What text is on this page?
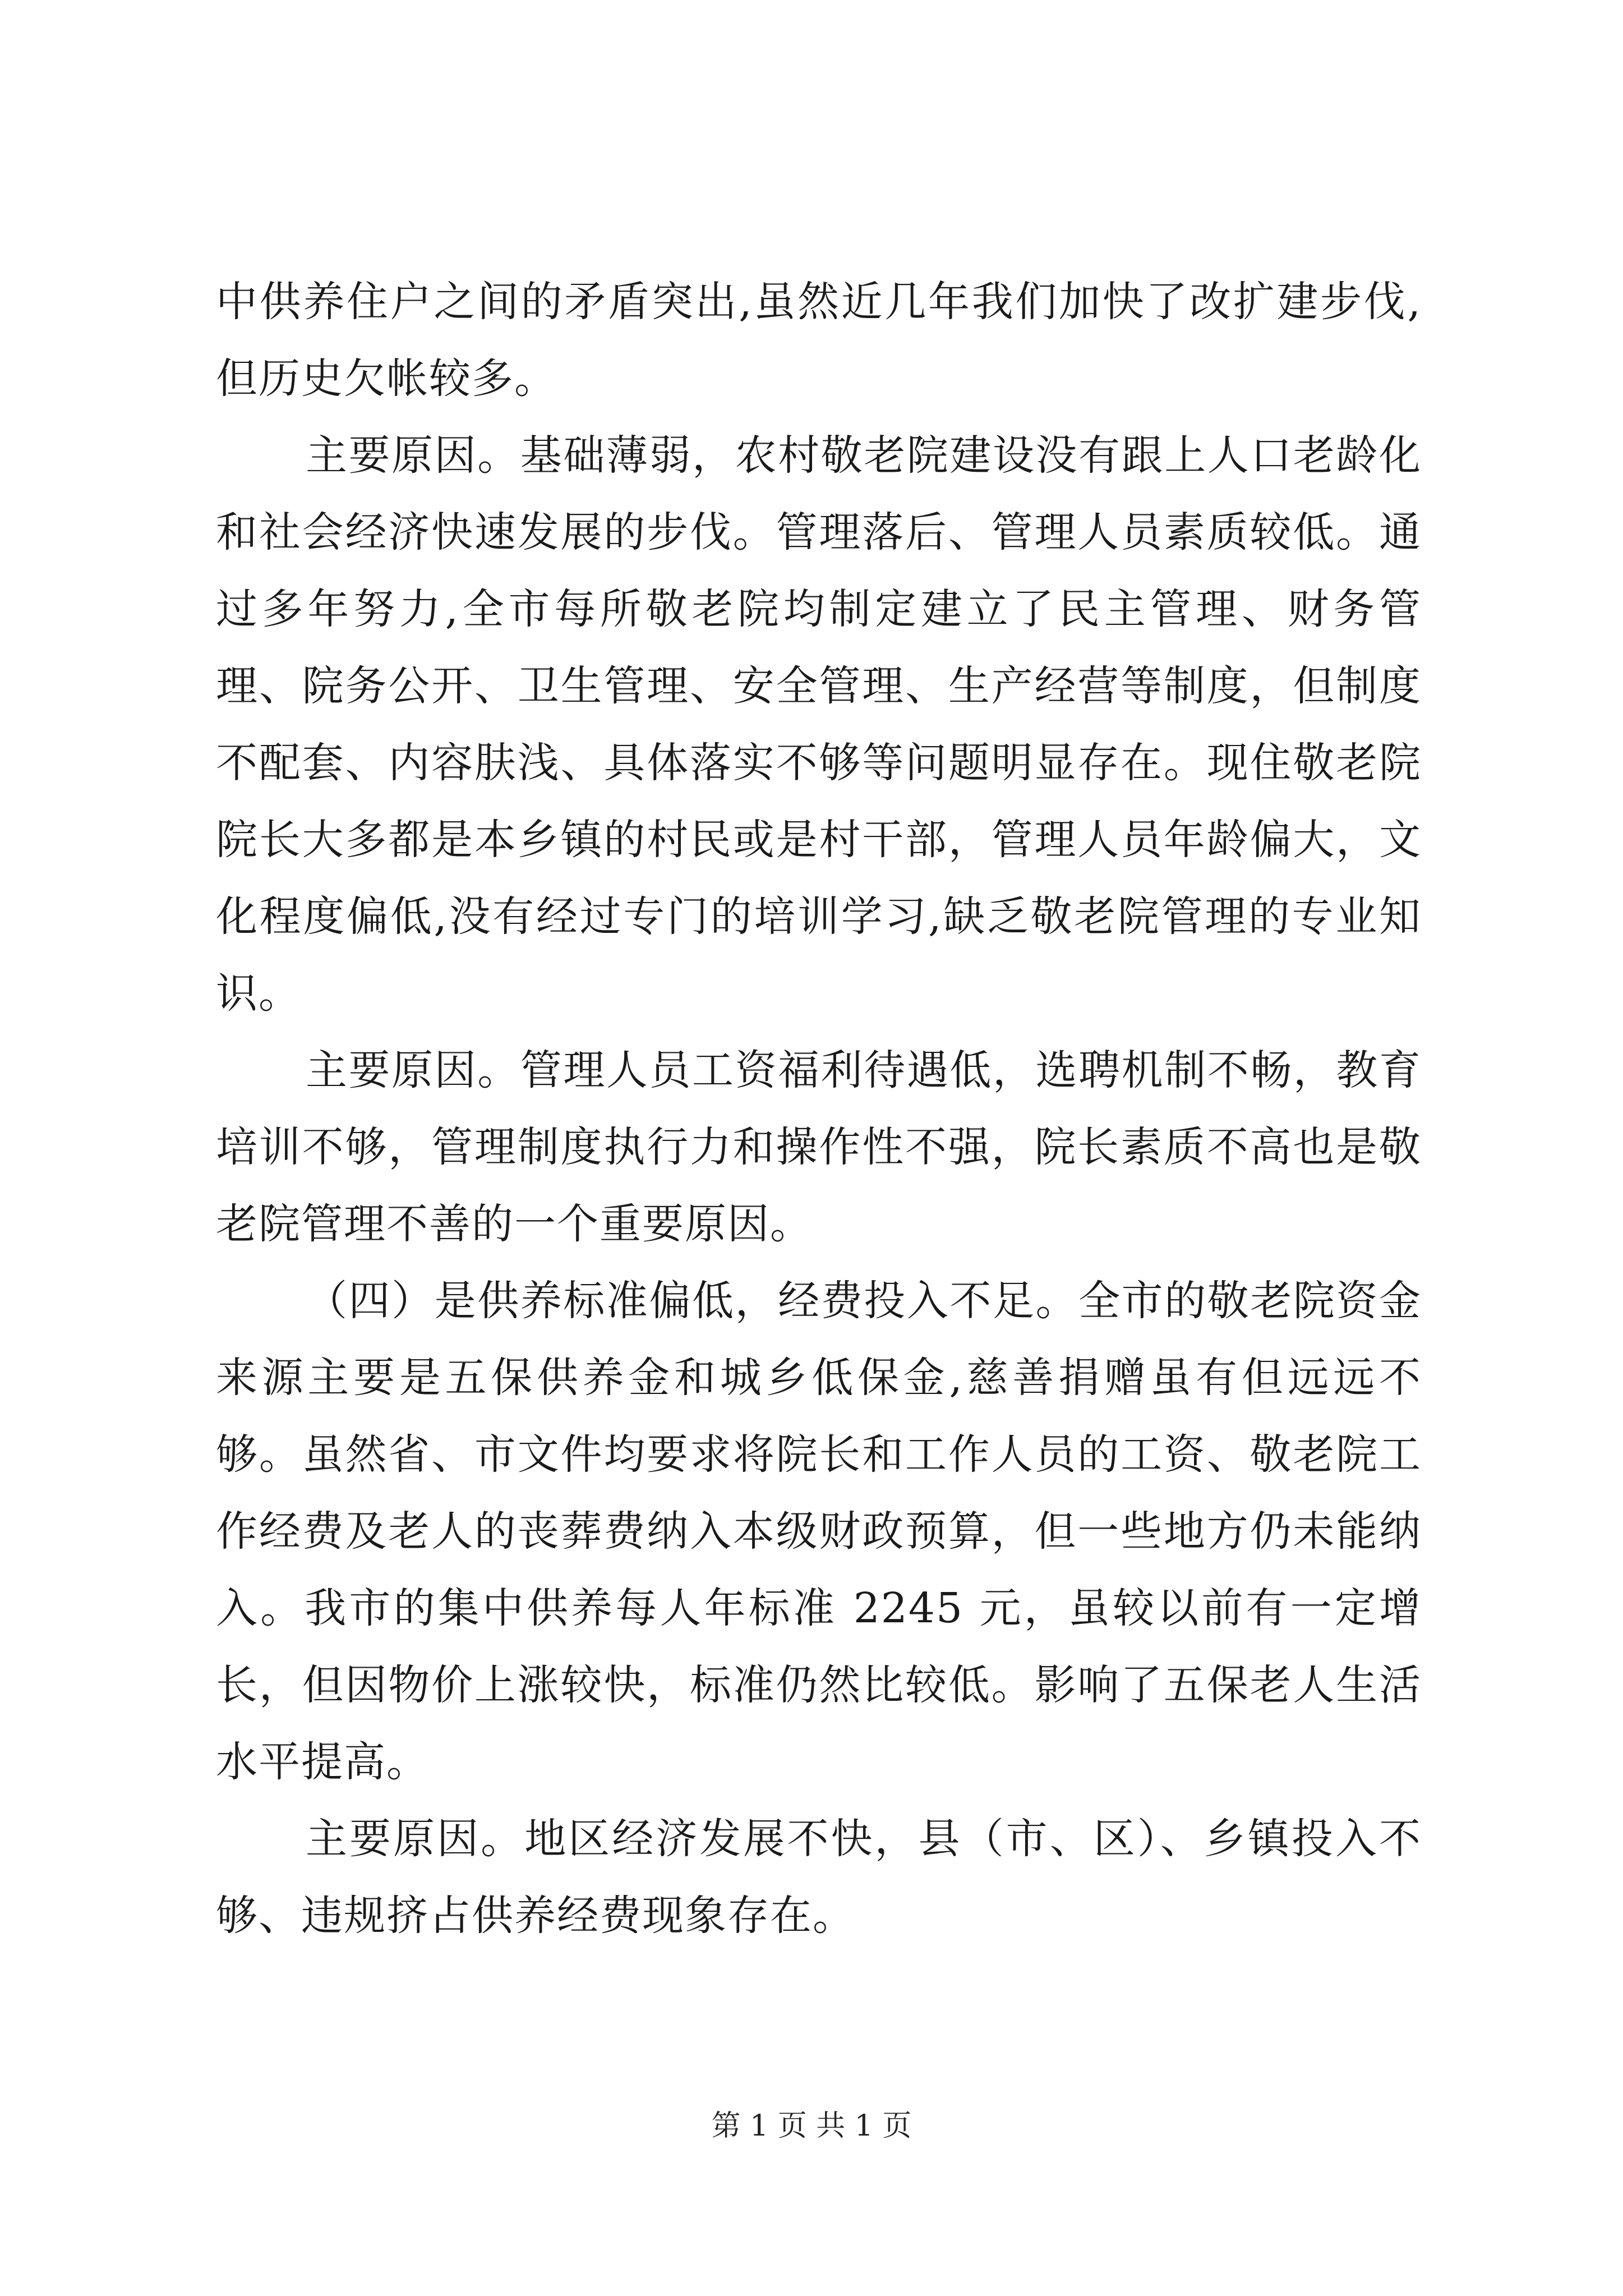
中供养住户之间的矛盾突出,虽然近几年我们加快了改扩建步伐,但历史欠帐较多。

主要原因。基础薄弱，农村敬老院建设没有跟上人口老龄化和社会经济快速发展的步伐。管理落后、管理人员素质较低。通过多年努力,全市每所敬老院均制定建立了民主管理、财务管理、院务公开、卫生管理、安全管理、生产经营等制度，但制度不配套、内容肤浅、具体落实不够等问题明显存在。现住敬老院院长大多都是本乡镇的村民或是村干部，管理人员年龄偏大，文化程度偏低,没有经过专门的培训学习,缺乏敬老院管理的专业知识。

主要原因。管理人员工资福利待遇低，选聘机制不畅，教育培训不够，管理制度执行力和操作性不强，院长素质不高也是敬老院管理不善的一个重要原因。

（四）是供养标准偏低，经费投入不足。全市的敬老院资金来源主要是五保供养金和城乡低保金,慈善捐赠虽有但远远不够。虽然省、市文件均要求将院长和工作人员的工资、敬老院工作经费及老人的丧葬费纳入本级财政预算，但一些地方仍未能纳入。我市的集中供养每人年标准 2245 元，虽较以前有一定增长，但因物价上涨较快，标准仍然比较低。影响了五保老人生活水平提高。

主要原因。地区经济发展不快，县（市、区）、乡镇投入不够、违规挤占供养经费现象存在。

第 1 页 共 1 页
